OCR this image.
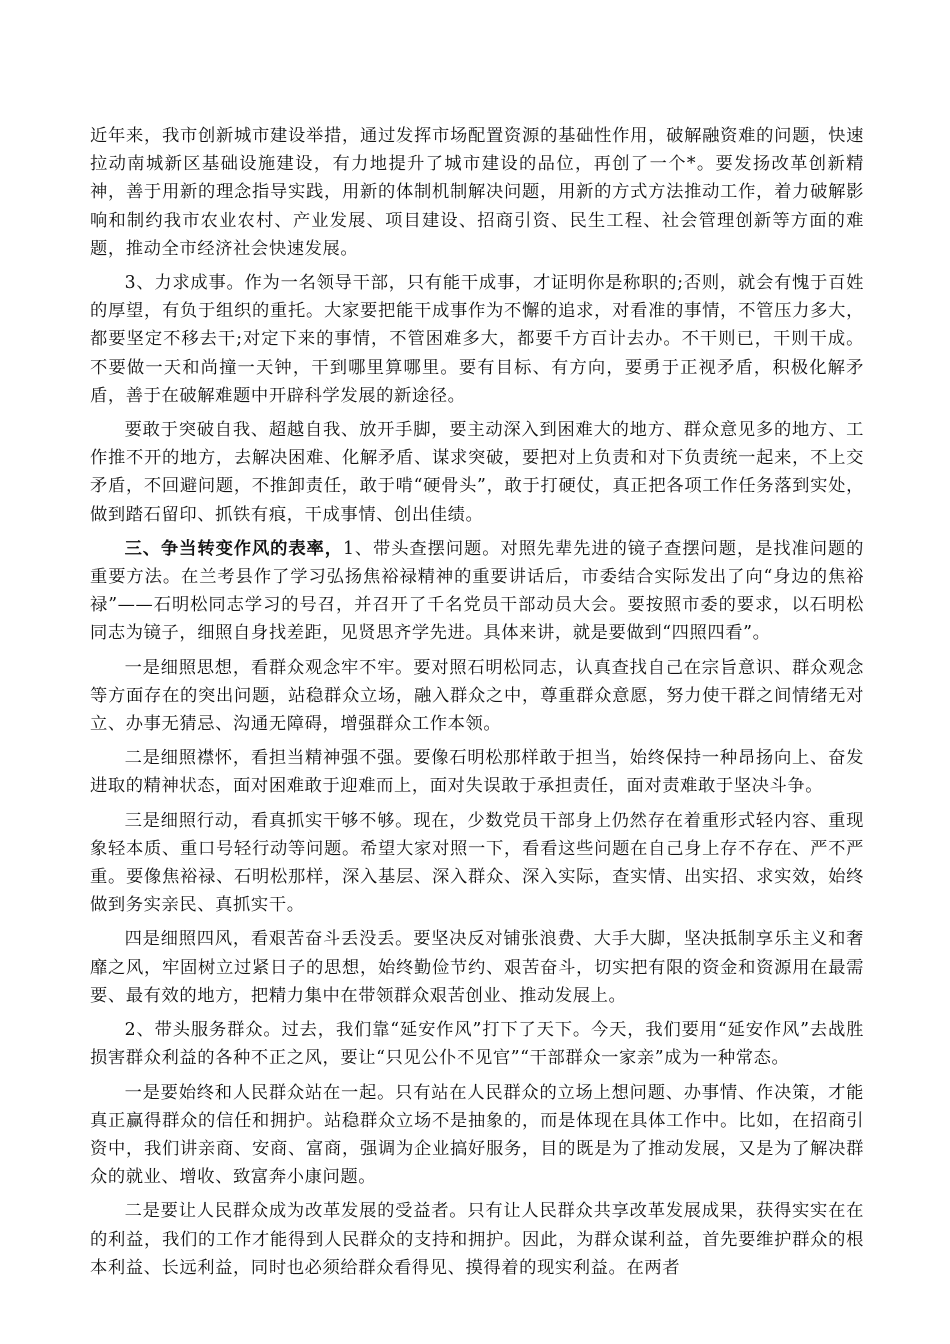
近年来，我市创新城市建设举措，通过发挥市场配置资源的基础性作用，破解融资难的问题，快速拉动南城新区基础设施建设，有力地提升了城市建设的品位，再创了一个*。要发扬改革创新精神，善于用新的理念指导实践，用新的体制机制解决问题，用新的方式方法推动工作，着力破解影响和制约我市农业农村、产业发展、项目建设、招商引资、民生工程、社会管理创新等方面的难题，推动全市经济社会快速发展。

3、力求成事。作为一名领导干部，只有能干成事，才证明你是称职的;否则，就会有愧于百姓的厚望，有负于组织的重托。大家要把能干成事作为不懈的追求，对看准的事情，不管压力多大，都要坚定不移去干;对定下来的事情，不管困难多大，都要千方百计去办。不干则已，干则干成。不要做一天和尚撞一天钟，干到哪里算哪里。要有目标、有方向，要勇于正视矛盾，积极化解矛盾，善于在破解难题中开辟科学发展的新途径。

要敢于突破自我、超越自我、放开手脚，要主动深入到困难大的地方、群众意见多的地方、工作推不开的地方，去解决困难、化解矛盾、谋求突破，要把对上负责和对下负责统一起来，不上交矛盾，不回避问题，不推卸责任，敢于啃“硬骨头”，敢于打硬仗，真正把各项工作任务落到实处，做到踏石留印、抓铁有痕，干成事情、创出佳绩。

三、争当转变作风的表率，1、带头查摆问题。对照先辈先进的镜子查摆问题，是找准问题的重要方法。在兰考县作了学习弘扬焦裕禄精神的重要讲话后，市委结合实际发出了向“身边的焦裕禄”——石明松同志学习的号召，并召开了千名党员干部动员大会。要按照市委的要求，以石明松同志为镜子，细照自身找差距，见贤思齐学先进。具体来讲，就是要做到“四照四看”。

一是细照思想，看群众观念牢不牢。要对照石明松同志，认真查找自己在宗旨意识、群众观念等方面存在的突出问题，站稳群众立场，融入群众之中，尊重群众意愿，努力使干群之间情绪无对立、办事无猜忌、沟通无障碍，增强群众工作本领。

二是细照襟怀，看担当精神强不强。要像石明松那样敢于担当，始终保持一种昂扬向上、奋发进取的精神状态，面对困难敢于迎难而上，面对失误敢于承担责任，面对责难敢于坚决斗争。

三是细照行动，看真抓实干够不够。现在，少数党员干部身上仍然存在着重形式轻内容、重现象轻本质、重口号轻行动等问题。希望大家对照一下，看看这些问题在自己身上存不存在、严不严重。要像焦裕禄、石明松那样，深入基层、深入群众、深入实际，查实情、出实招、求实效，始终做到务实亲民、真抓实干。

四是细照四风，看艰苦奋斗丢没丢。要坚决反对铺张浪费、大手大脚，坚决抵制享乐主义和奢靡之风，牢固树立过紧日子的思想，始终勤俭节约、艰苦奋斗，切实把有限的资金和资源用在最需要、最有效的地方，把精力集中在带领群众艰苦创业、推动发展上。

2、带头服务群众。过去，我们靠“延安作风”打下了天下。今天，我们要用“延安作风”去战胜损害群众利益的各种不正之风，要让“只见公仆不见官”“干部群众一家亲”成为一种常态。

一是要始终和人民群众站在一起。只有站在人民群众的立场上想问题、办事情、作决策，才能真正赢得群众的信任和拥护。站稳群众立场不是抽象的，而是体现在具体工作中。比如，在招商引资中，我们讲亲商、安商、富商，强调为企业搞好服务，目的既是为了推动发展，又是为了解决群众的就业、增收、致富奔小康问题。

二是要让人民群众成为改革发展的受益者。只有让人民群众共享改革发展成果，获得实实在在的利益，我们的工作才能得到人民群众的支持和拥护。因此，为群众谋利益，首先要维护群众的根本利益、长远利益，同时也必须给群众看得见、摸得着的现实利益。在两者
